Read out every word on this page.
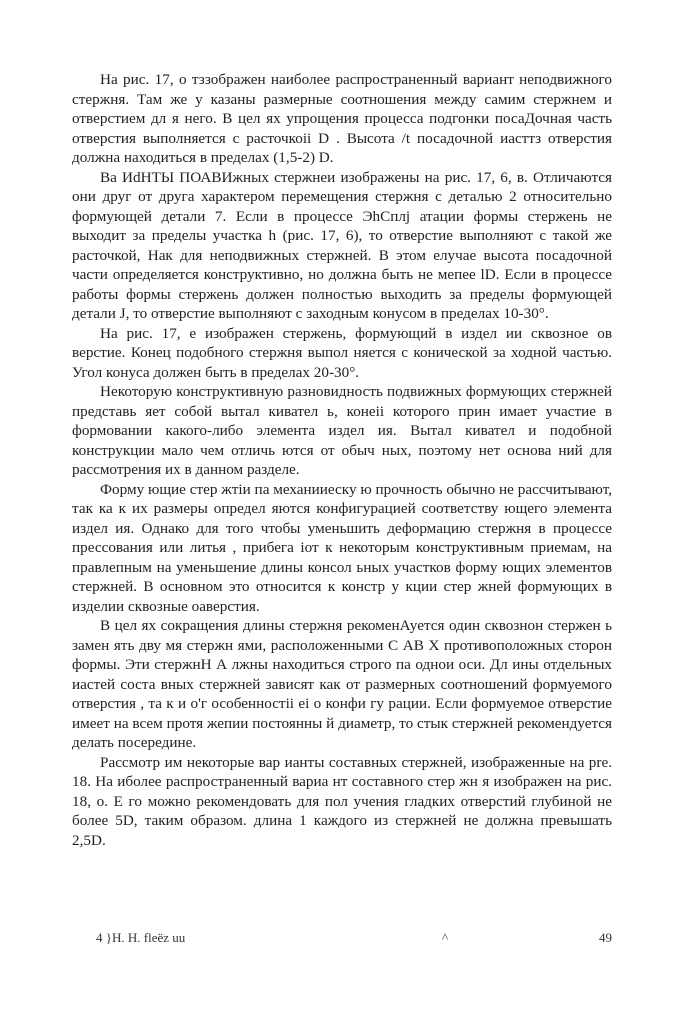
На рис. 17, о тззображен наиболее распространенный вариант неподвижного стержня. Там же у казаны размерные соотношения между самим стержнем и отверстием дл я него. В цел ях упрощения процесса подгонки посаДочная часть отверстия выполняется с расточкоіі D . Высота /t посадочной иаcттз отверстия должна находиться в пределах (1,5-2) D.

Ва ИdНТЫ ПОАВИжных стержнеи изображены на рис. 17, 6, в. Отличаются они друг от друга характером перемещения стержня с деталью 2 относительно формующей детали 7. Если в процессе ЭhСплj атации формы стержень не выходит за пределы участка h (рис. 17, 6), то отверстие выполняют с такой же расточкой, Нак для неподвижных стержней. В этом елучае высота посадочной части определяется конструктивно, но должна быть не мепее lD. Если в процессе работы формы стержень должен полностью выходить за пределы формующей детали J, то отверстие выполняют с заходным конусом в пределах 10-30°.

На рис. 17, е изображен стержень, формующий в издел ии сквозное ов верстие. Конец подобного стержня выпол няется с конической за ходной частью. Угол конуса должен быть в пределах 20-30°.

Некоторую конструктивную разновидность подвижных формующих стержней представь яет собой вытал кивател ь, конеіі которого прин имает участие в формовании какого-либо элемента издел ия. Вытал кивател и подобной конструкции мало чем отличь ются от обыч ных, поэтому нет основа ний для рассмотрения их в данном разделе.

Форму ющие стер жтіи па механииеску ю прочность обычно не рассчитывают, так ка к их размеры определ яются конфигурацией соответству ющего элемента издел ия. Однако для того чтобы уменьшить деформацию стержня в процессе прессования или литья , прибега іот к некоторым конструктивным приемам, на правлепным на уменьшение длины консол ьных участков форму ющих элементов стержней. В основном это относится к констр у кции стер жней формующих в изделии сквозные оаверстия.

В цел ях сокращения длины стержня рекоменАуется один сквознон стержен ь замен ять дву мя стержн ями, расположенными С АВ Х противоположных сторон формы. Эти стержнН А лжны находиться строго па однои оси. Дл ины отдельных иастей соста вных стержней зависят как от размерных соотношений формуемого отверстия , та к и о'г особенностіі еі о конфи гу рации. Если формуемое отверстие имеет на всем протя жепии постоянны й диаметр, то стык стержней рекомендуется делать посередине.

Рассмотр им некоторые вар ианты составных стержней, изображенные на pre. 18. На иболее распространенный вариа нт составного стер жн я изображен на рис. 18, о. Е го можно рекомендовать для пол учения гладких отверстий глубиной не более 5D, таким образом. длина 1 каждого из стержней не должна превышать 2,5D.

4 }Н. Н. fleëz uu	^	49
